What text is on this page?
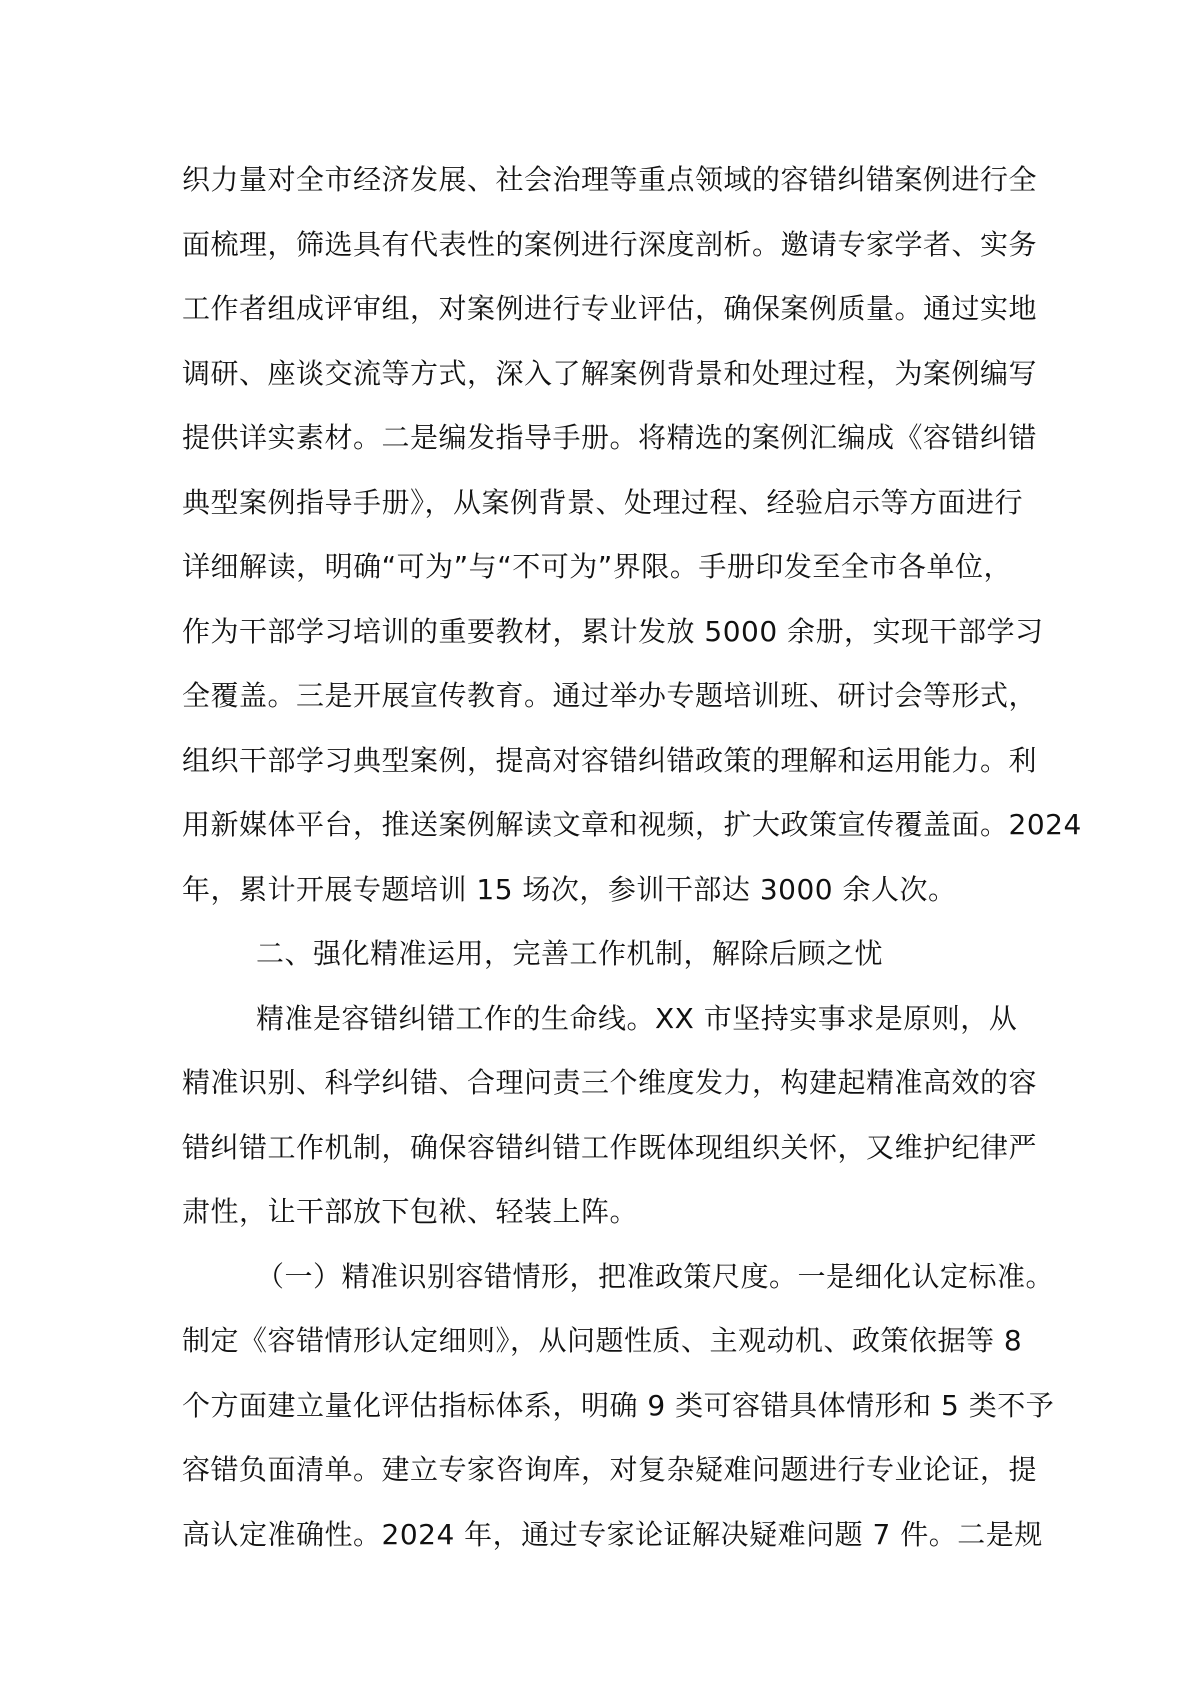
织力量对全市经济发展、社会治理等重点领域的容错纠错案例进行全
面梳理，筛选具有代表性的案例进行深度剖析。邀请专家学者、实务
工作者组成评审组，对案例进行专业评估，确保案例质量。通过实地
调研、座谈交流等方式，深入了解案例背景和处理过程，为案例编写
提供详实素材。二是编发指导手册。将精选的案例汇编成《容错纠错
典型案例指导手册》，从案例背景、处理过程、经验启示等方面进行
详细解读，明确“可为”与“不可为”界限。手册印发至全市各单位，
作为干部学习培训的重要教材，累计发放 5000 余册，实现干部学习
全覆盖。三是开展宣传教育。通过举办专题培训班、研讨会等形式，
组织干部学习典型案例，提高对容错纠错政策的理解和运用能力。利
用新媒体平台，推送案例解读文章和视频，扩大政策宣传覆盖面。2024
年，累计开展专题培训 15 场次，参训干部达 3000 余人次。
二、强化精准运用，完善工作机制，解除后顾之忧
精准是容错纠错工作的生命线。XX 市坚持实事求是原则，从
精准识别、科学纠错、合理问责三个维度发力，构建起精准高效的容
错纠错工作机制，确保容错纠错工作既体现组织关怀，又维护纪律严
肃性，让干部放下包袱、轻装上阵。
（一）精准识别容错情形，把准政策尺度。一是细化认定标准。
制定《容错情形认定细则》，从问题性质、主观动机、政策依据等 8
个方面建立量化评估指标体系，明确 9 类可容错具体情形和 5 类不予
容错负面清单。建立专家咨询库，对复杂疑难问题进行专业论证，提
高认定准确性。2024 年，通过专家论证解决疑难问题 7 件。二是规
